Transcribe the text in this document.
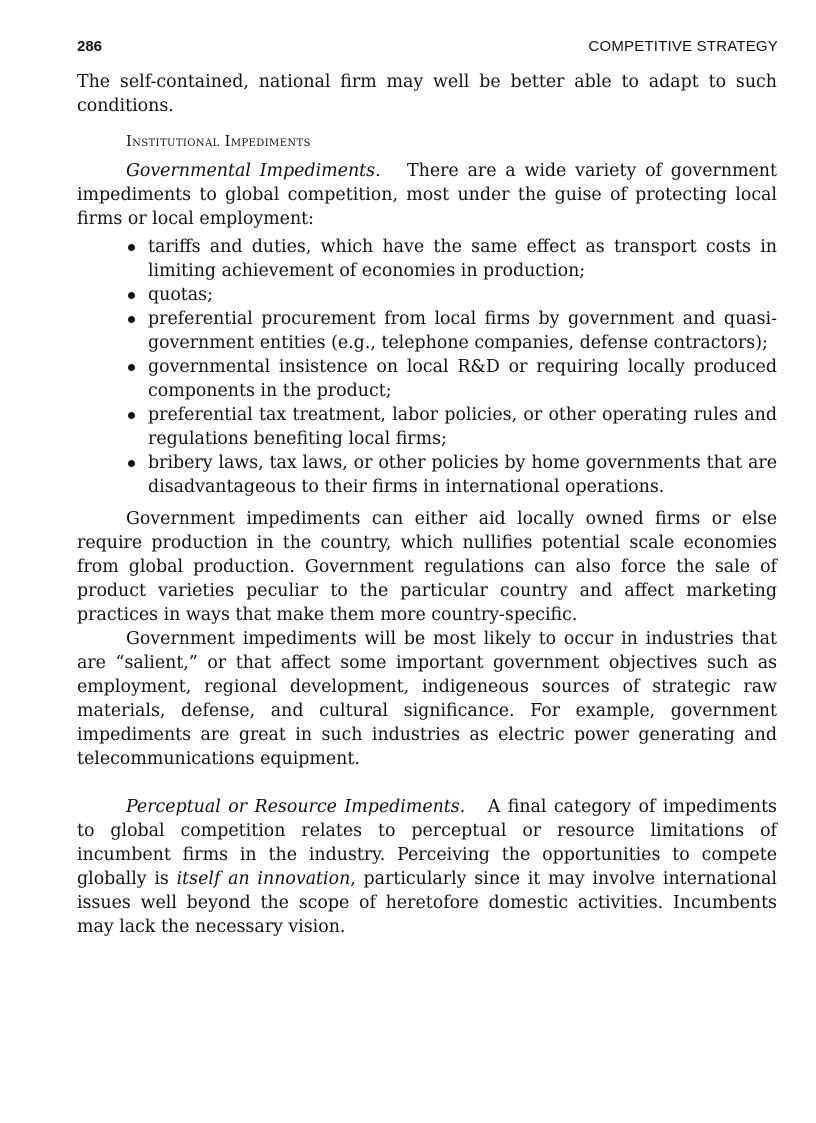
286	COMPETITIVE STRATEGY

The self-contained, national firm may well be better able to adapt to such conditions.

Institutional Impediments

Governmental Impediments. There are a wide variety of government impediments to global competition, most under the guise of protecting local firms or local employment:

tariffs and duties, which have the same effect as transport costs in limiting achievement of economies in production;
quotas;
preferential procurement from local firms by government and quasi-government entities (e.g., telephone companies, defense contractors);
governmental insistence on local R&D or requiring locally produced components in the product;
preferential tax treatment, labor policies, or other operating rules and regulations benefiting local firms;
bribery laws, tax laws, or other policies by home governments that are disadvantageous to their firms in international operations.

Government impediments can either aid locally owned firms or else require production in the country, which nullifies potential scale economies from global production. Government regulations can also force the sale of product varieties peculiar to the particular country and affect marketing practices in ways that make them more country-specific.

Government impediments will be most likely to occur in industries that are “salient,” or that affect some important government objectives such as employment, regional development, indigeneous sources of strategic raw materials, defense, and cultural significance. For example, government impediments are great in such industries as electric power generating and telecommunications equipment.

Perceptual or Resource Impediments. A final category of impediments to global competition relates to perceptual or resource limitations of incumbent firms in the industry. Perceiving the opportunities to compete globally is itself an innovation, particularly since it may involve international issues well beyond the scope of heretofore domestic activities. Incumbents may lack the necessary vision.
